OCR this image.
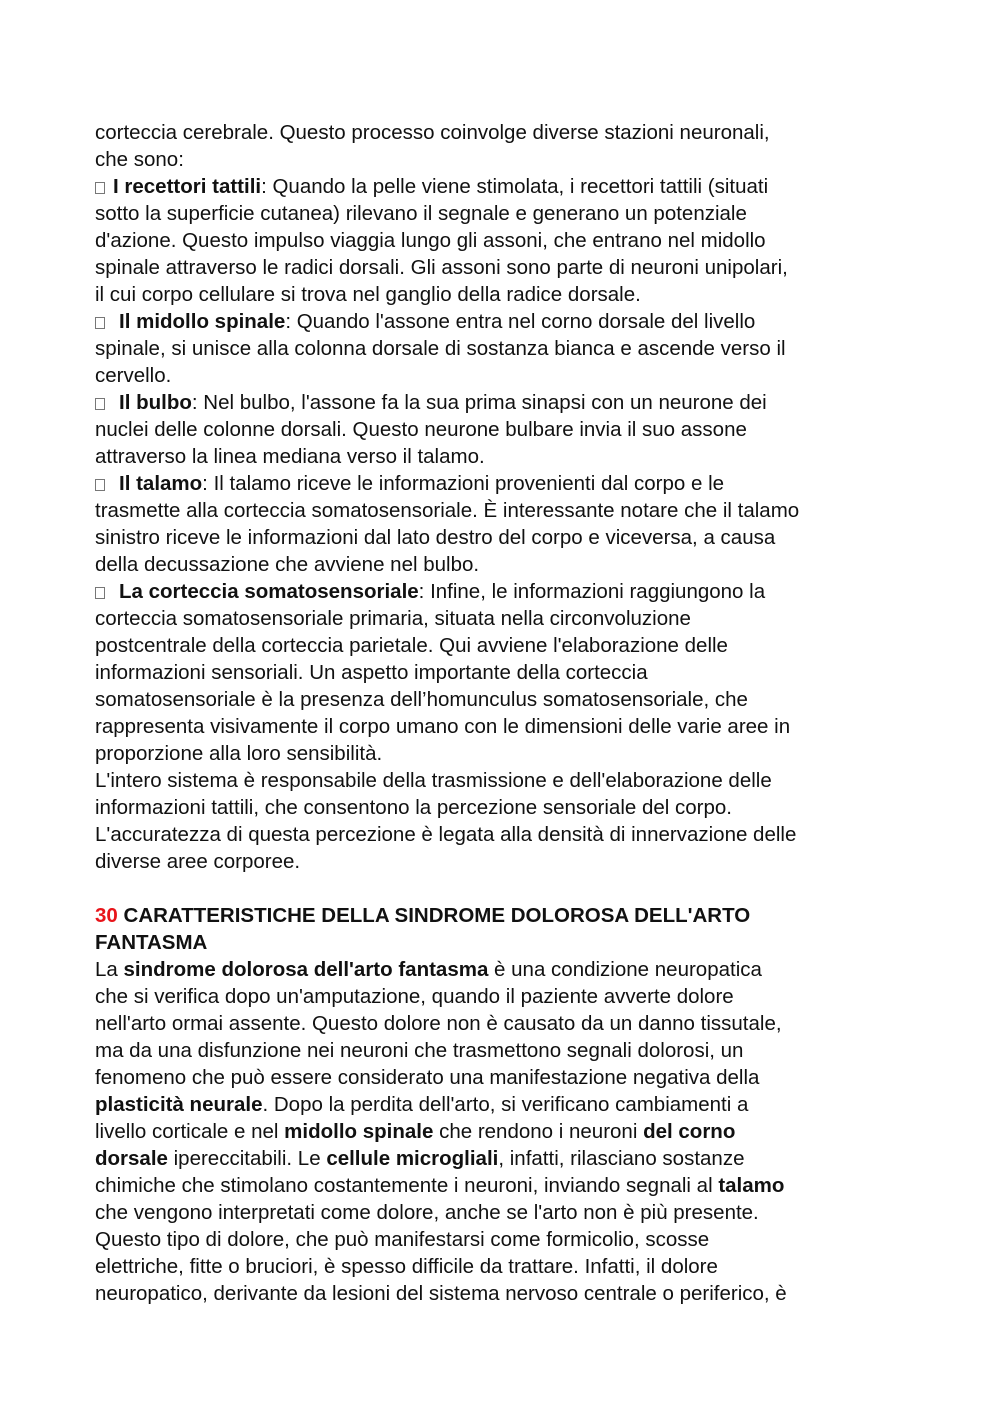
corteccia cerebrale. Questo processo coinvolge diverse stazioni neuronali,
che sono:
I recettori tattili: Quando la pelle viene stimolata, i recettori tattili (situati
sotto la superficie cutanea) rilevano il segnale e generano un potenziale
d'azione. Questo impulso viaggia lungo gli assoni, che entrano nel midollo
spinale attraverso le radici dorsali. Gli assoni sono parte di neuroni unipolari,
il cui corpo cellulare si trova nel ganglio della radice dorsale.
Il midollo spinale: Quando l'assone entra nel corno dorsale del livello
spinale, si unisce alla colonna dorsale di sostanza bianca e ascende verso il
cervello.
Il bulbo: Nel bulbo, l'assone fa la sua prima sinapsi con un neurone dei
nuclei delle colonne dorsali. Questo neurone bulbare invia il suo assone
attraverso la linea mediana verso il talamo.
Il talamo: Il talamo riceve le informazioni provenienti dal corpo e le
trasmette alla corteccia somatosensoriale. È interessante notare che il talamo
sinistro riceve le informazioni dal lato destro del corpo e viceversa, a causa
della decussazione che avviene nel bulbo.
La corteccia somatosensoriale: Infine, le informazioni raggiungono la
corteccia somatosensoriale primaria, situata nella circonvoluzione
postcentrale della corteccia parietale. Qui avviene l'elaborazione delle
informazioni sensoriali. Un aspetto importante della corteccia
somatosensoriale è la presenza dell’homunculus somatosensoriale, che
rappresenta visivamente il corpo umano con le dimensioni delle varie aree in
proporzione alla loro sensibilità.
L'intero sistema è responsabile della trasmissione e dell'elaborazione delle
informazioni tattili, che consentono la percezione sensoriale del corpo.
L'accuratezza di questa percezione è legata alla densità di innervazione delle
diverse aree corporee.
30 CARATTERISTICHE DELLA SINDROME DOLOROSA DELL'ARTO
FANTASMA
La sindrome dolorosa dell'arto fantasma è una condizione neuropatica
che si verifica dopo un'amputazione, quando il paziente avverte dolore
nell'arto ormai assente. Questo dolore non è causato da un danno tissutale,
ma da una disfunzione nei neuroni che trasmettono segnali dolorosi, un
fenomeno che può essere considerato una manifestazione negativa della
plasticità neurale. Dopo la perdita dell'arto, si verificano cambiamenti a
livello corticale e nel midollo spinale che rendono i neuroni del corno
dorsale ipereccitabili. Le cellule microgliali, infatti, rilasciano sostanze
chimiche che stimolano costantemente i neuroni, inviando segnali al talamo
che vengono interpretati come dolore, anche se l'arto non è più presente.
Questo tipo di dolore, che può manifestarsi come formicolio, scosse
elettriche, fitte o bruciori, è spesso difficile da trattare. Infatti, il dolore
neuropatico, derivante da lesioni del sistema nervoso centrale o periferico, è
